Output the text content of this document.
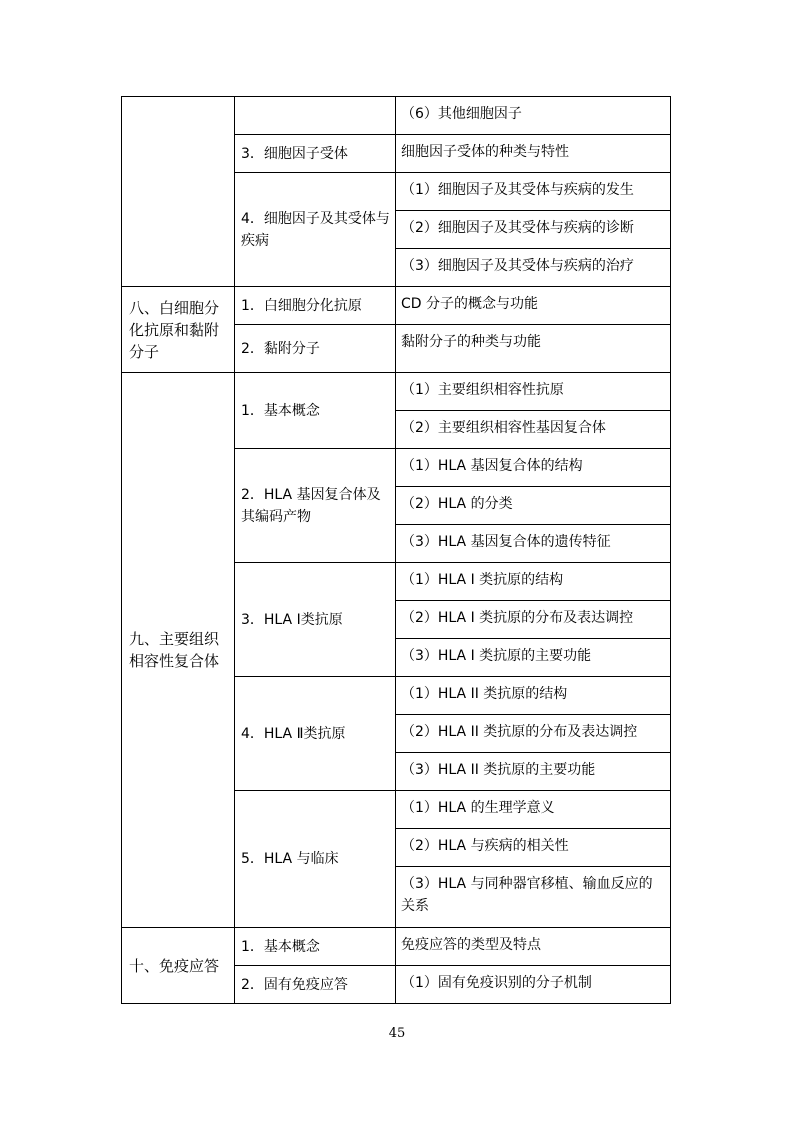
		（6）其他细胞因子
	3．细胞因子受体	细胞因子受体的种类与特性
	4．细胞因子及其受体与疾病	（1）细胞因子及其受体与疾病的发生
		（2）细胞因子及其受体与疾病的诊断
		（3）细胞因子及其受体与疾病的治疗
八、白细胞分化抗原和黏附分子	1．白细胞分化抗原	CD 分子的概念与功能
	2．黏附分子	黏附分子的种类与功能
九、主要组织相容性复合体	1．基本概念	（1）主要组织相容性抗原
		（2）主要组织相容性基因复合体
	2．HLA 基因复合体及其编码产物	（1）HLA 基因复合体的结构
		（2）HLA 的分类
		（3）HLA 基因复合体的遗传特征
	3．HLA I类抗原	（1）HLA I 类抗原的结构
		（2）HLA I 类抗原的分布及表达调控
		（3）HLA I 类抗原的主要功能
	4．HLA Ⅱ类抗原	（1）HLA II 类抗原的结构
		（2）HLA II 类抗原的分布及表达调控
		（3）HLA II 类抗原的主要功能
	5．HLA 与临床	（1）HLA 的生理学意义
		（2）HLA 与疾病的相关性
		（3）HLA 与同种器官移植、输血反应的关系
十、免疫应答	1．基本概念	免疫应答的类型及特点
	2．固有免疫应答	（1）固有免疫识别的分子机制
45
